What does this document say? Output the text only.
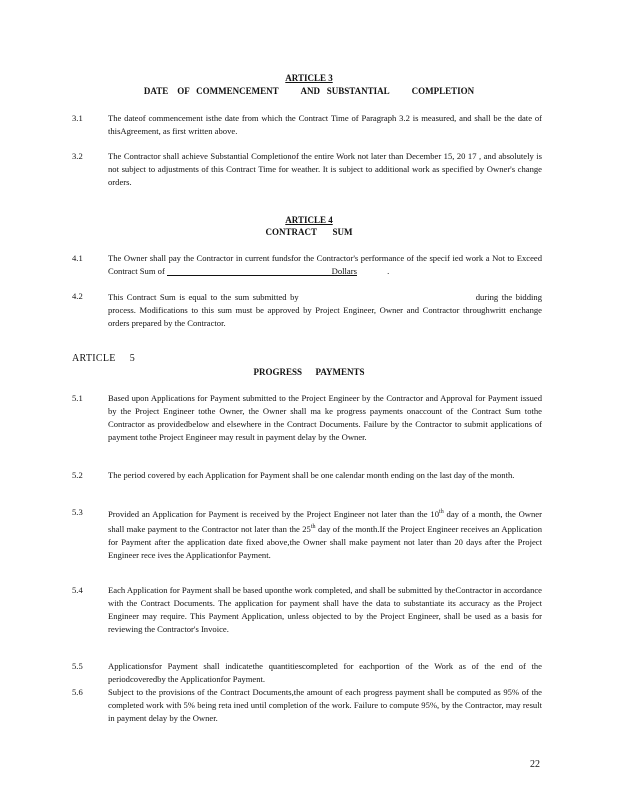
ARTICLE 3
DATE    OF   COMMENCEMENT          AND   SUBSTANTIAL          COMPLETION
3.1	The dateof commencement isthe date from which the Contract Time of Paragraph 3.2 is measured, and shall be the date of thisAgreement, as first written above.
3.2	The Contractor shall achieve Substantial Completionof the entire Work not later than December 15, 20 17 , and absolutely is not subject to adjustments of this Contract Time for weather. It is subject to additional work as specified by Owner's change orders.
ARTICLE 4
CONTRACT       SUM
4.1	The Owner shall pay the Contractor in current fundsfor the Contractor's performance of the specif ied work a Not to Exceed Contract Sum of	Dollars	.
4.2	This Contract Sum is equal to the sum submitted by	during the bidding process. Modifications to this sum must be approved by Project Engineer, Owner and Contractor throughwritt enchange orders prepared by the Contractor.
ARTICLE     5
PROGRESS      PAYMENTS
5.1	Based upon Applications for Payment submitted to the Project Engineer by the Contractor and Approval for Payment issued by the Project Engineer tothe Owner, the Owner shall ma ke progress payments onaccount of the Contract Sum tothe Contractor as providedbelow and elsewhere in the Contract Documents. Failure by the Contractor to submit applications of payment tothe Project Engineer may result in payment delay by the Owner.
5.2	The period covered by each Application for Payment shall be one calendar month ending on the last day of the month.
5.3	Provided an Application for Payment is received by the Project Engineer not later than the 10th day of a month, the Owner shall make payment to the Contractor not later than the 25th day of the month.If the Project Engineer receives an Application for Payment after the application date fixed above,the Owner shall make payment not later than 20 days after the Project Engineer rece ives the Applicationfor Payment.
5.4	Each Application for Payment shall be based uponthe work completed, and shall be submitted by theContractor in accordance with the Contract Documents. The application for payment shall have the data to substantiate its accuracy as the Project Engineer may require. This Payment Application, unless objected to by the Project Engineer, shall be used as a basis for reviewing the Contractor's Invoice.
5.5	Applicationsfor Payment shall indicatethe quantitiescompleted for eachportion of the Work as of the end of the periodcoveredby the Applicationfor Payment.
5.6	Subject to the provisions of the Contract Documents,the amount of each progress payment shall be computed as 95% of the completed work with 5% being reta ined until completion of the work. Failure to compute 95%, by the Contractor, may result in payment delay by the Owner.
22
